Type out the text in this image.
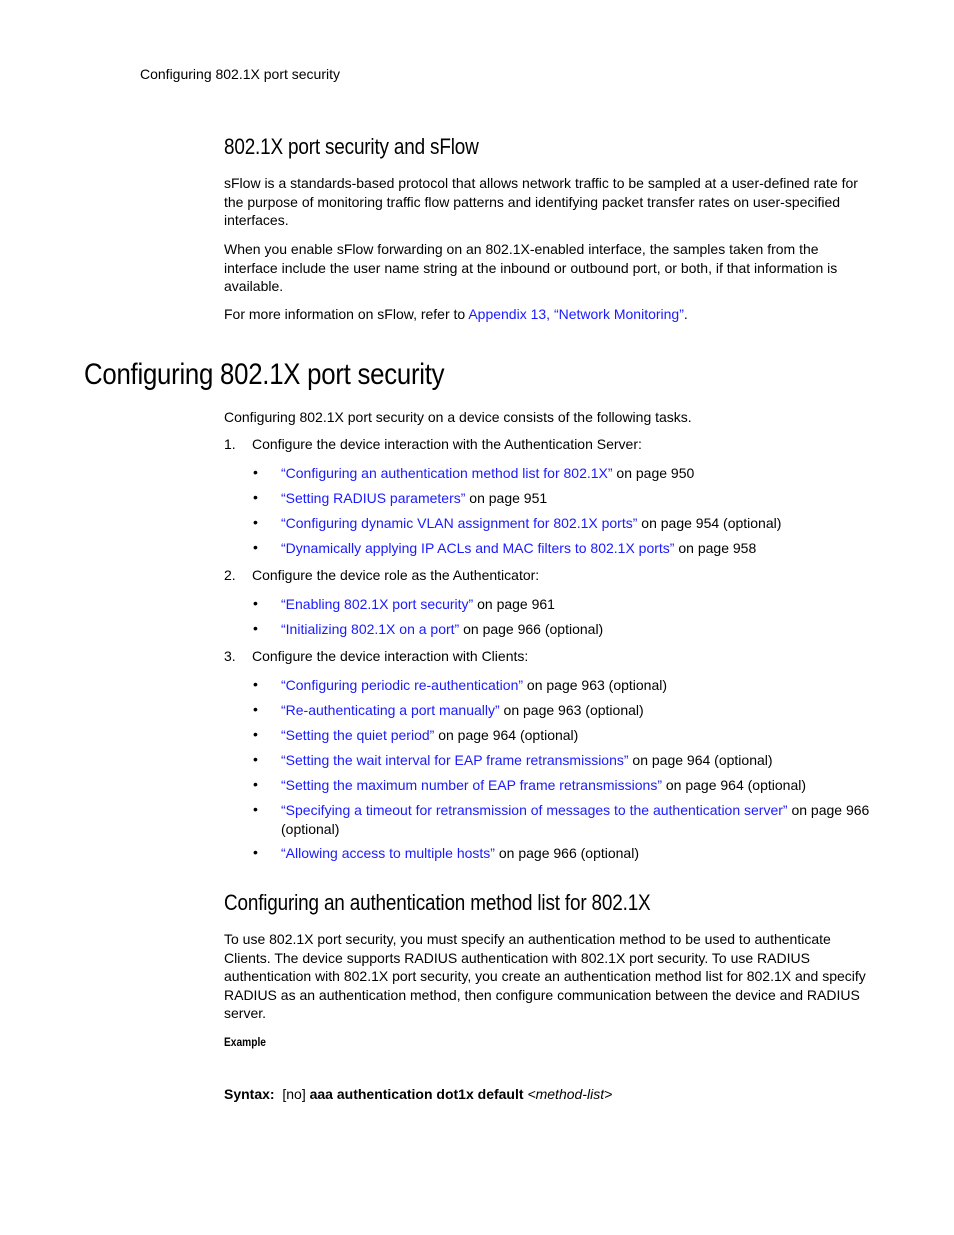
Configuring 802.1X port security
802.1X port security and sFlow
sFlow is a standards-based protocol that allows network traffic to be sampled at a user-defined rate for the purpose of monitoring traffic flow patterns and identifying packet transfer rates on user-specified interfaces.
When you enable sFlow forwarding on an 802.1X-enabled interface, the samples taken from the interface include the user name string at the inbound or outbound port, or both, if that information is available.
For more information on sFlow, refer to Appendix 13, “Network Monitoring”.
Configuring 802.1X port security
Configuring 802.1X port security on a device consists of the following tasks.
1. Configure the device interaction with the Authentication Server:
• “Configuring an authentication method list for 802.1X” on page 950
• “Setting RADIUS parameters” on page 951
• “Configuring dynamic VLAN assignment for 802.1X ports” on page 954 (optional)
• “Dynamically applying IP ACLs and MAC filters to 802.1X ports” on page 958
2. Configure the device role as the Authenticator:
• “Enabling 802.1X port security” on page 961
• “Initializing 802.1X on a port” on page 966 (optional)
3. Configure the device interaction with Clients:
• “Configuring periodic re-authentication” on page 963 (optional)
• “Re-authenticating a port manually” on page 963 (optional)
• “Setting the quiet period” on page 964 (optional)
• “Setting the wait interval for EAP frame retransmissions” on page 964 (optional)
• “Setting the maximum number of EAP frame retransmissions” on page 964 (optional)
• “Specifying a timeout for retransmission of messages to the authentication server” on page 966 (optional)
• “Allowing access to multiple hosts” on page 966 (optional)
Configuring an authentication method list for 802.1X
To use 802.1X port security, you must specify an authentication method to be used to authenticate Clients. The device supports RADIUS authentication with 802.1X port security. To use RADIUS authentication with 802.1X port security, you create an authentication method list for 802.1X and specify RADIUS as an authentication method, then configure communication between the device and RADIUS server.
Example
Syntax: [no] aaa authentication dot1x default <method-list>
